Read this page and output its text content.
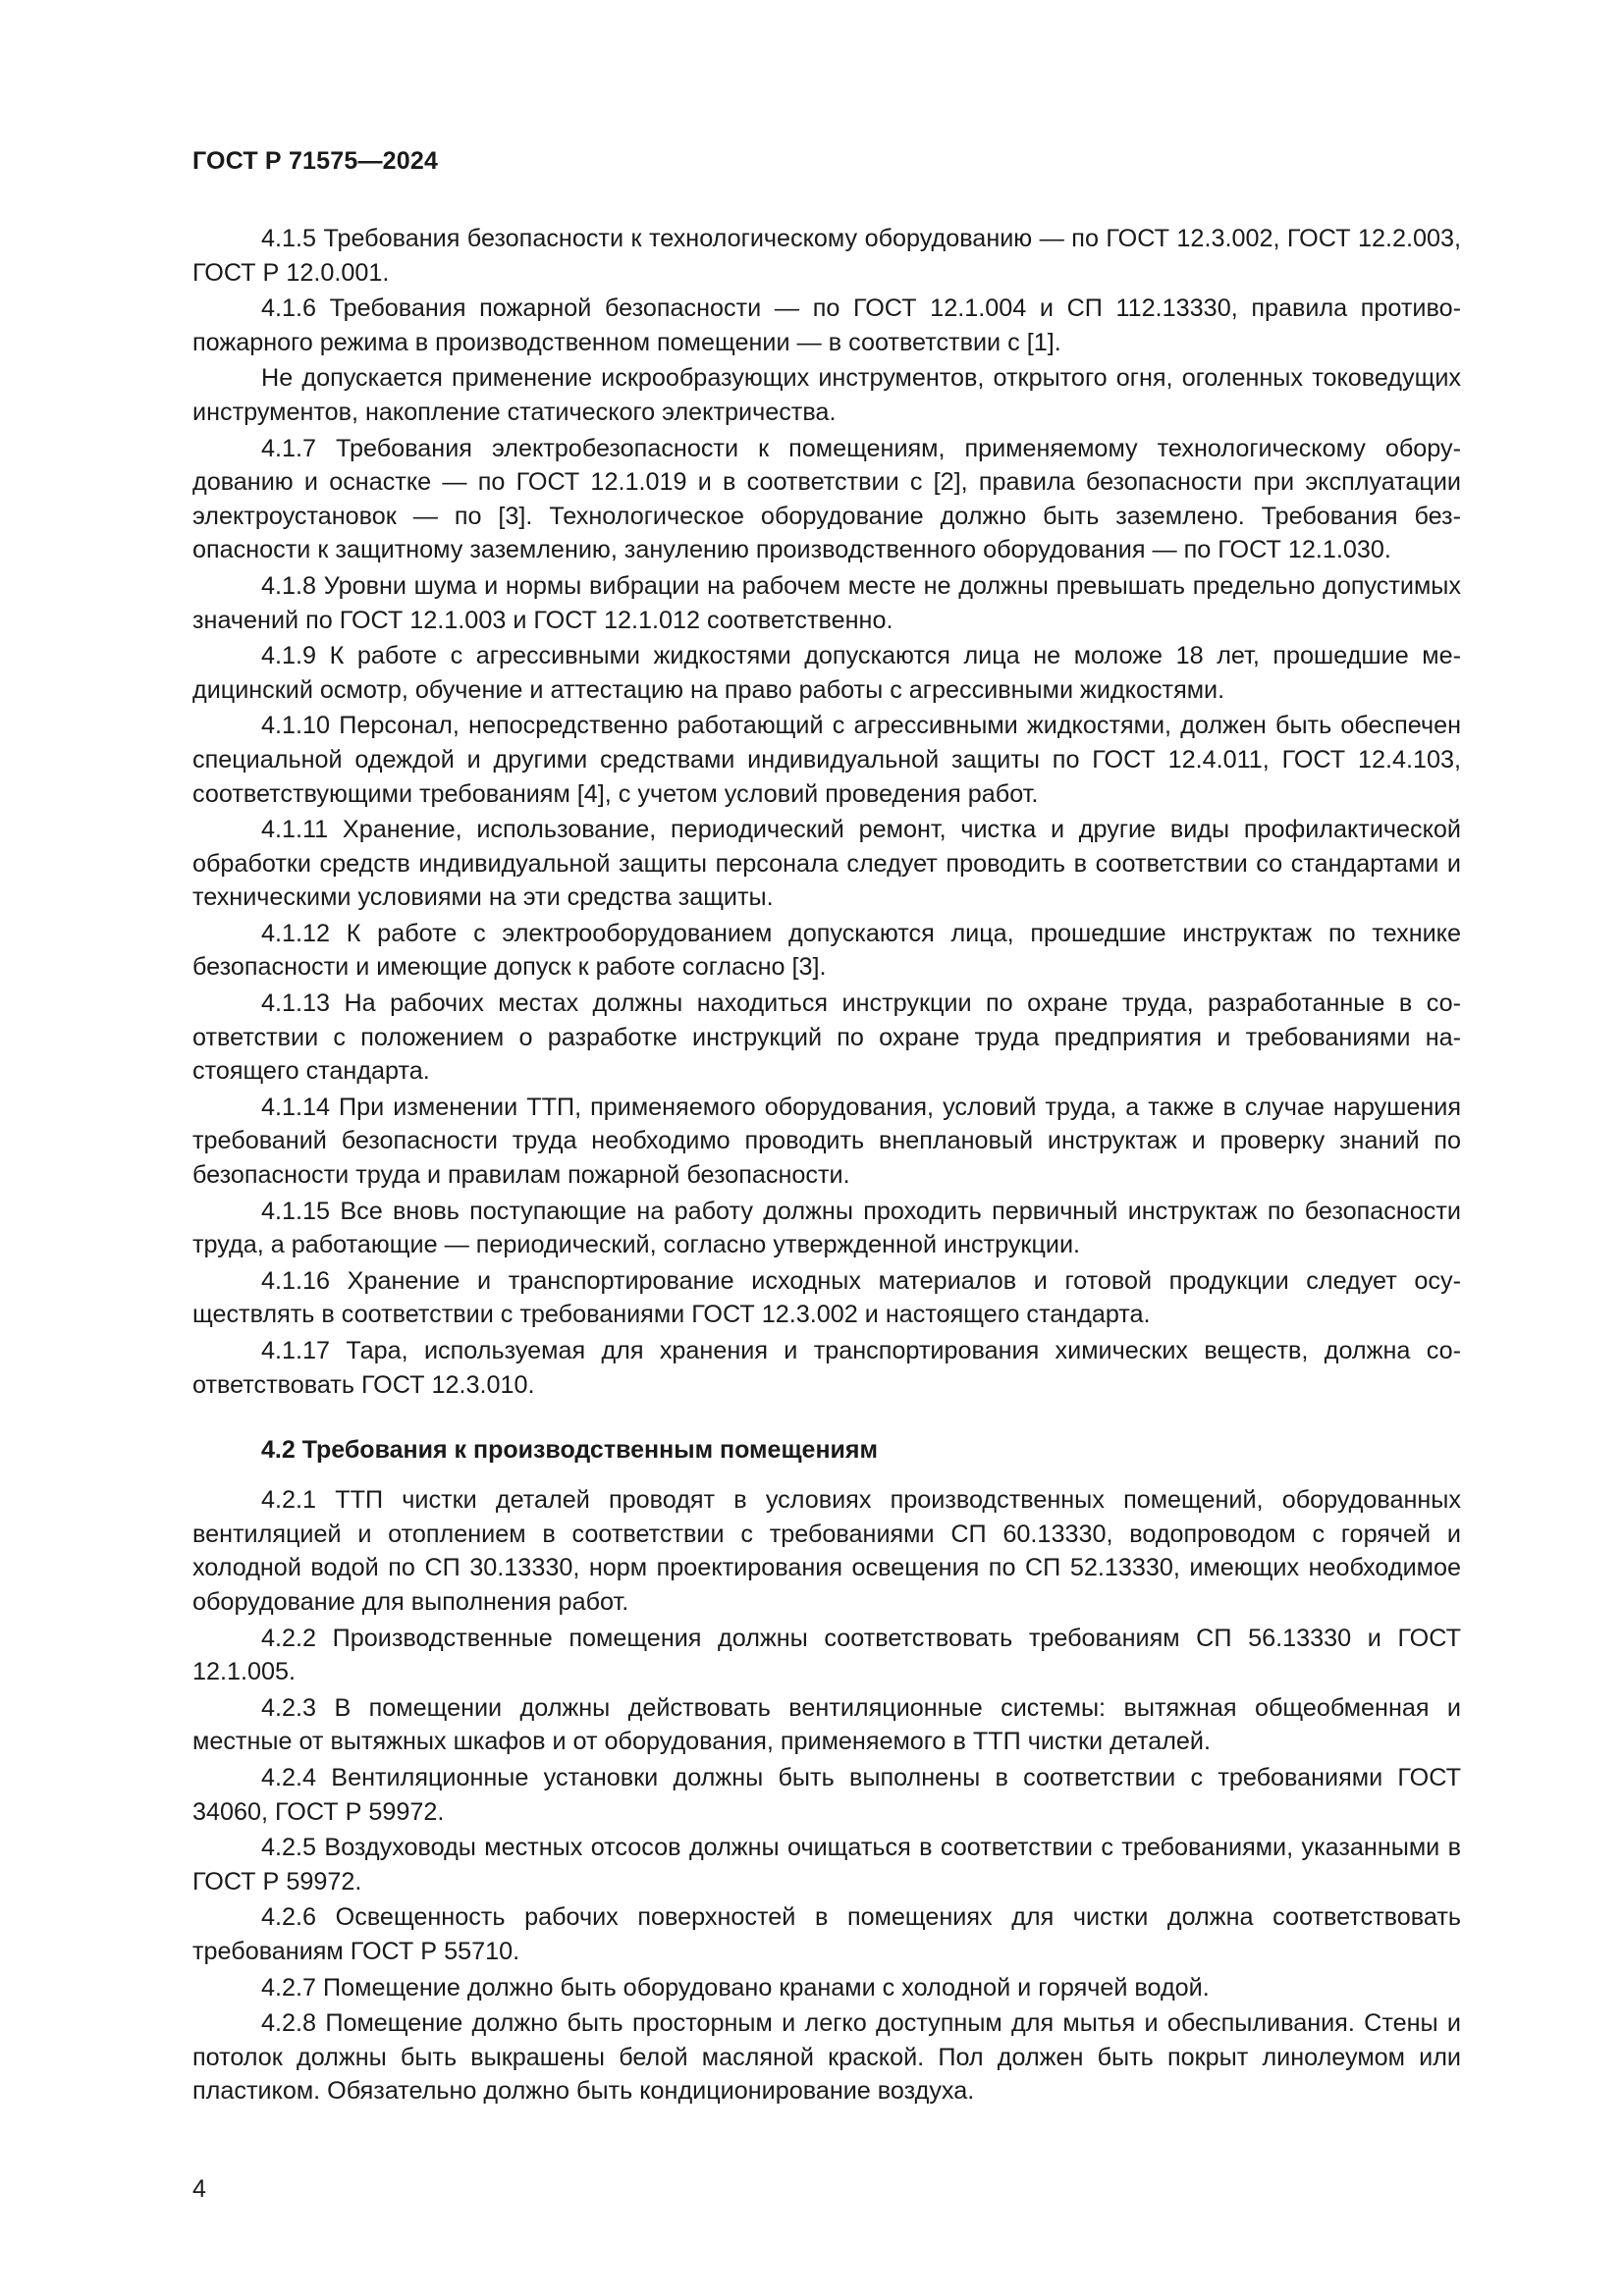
ГОСТ Р 71575—2024

4.1.5 Требования безопасности к технологическому оборудованию — по ГОСТ 12.3.002, ГОСТ 12.2.003, ГОСТ Р 12.0.001.

4.1.6 Требования пожарной безопасности — по ГОСТ 12.1.004 и СП 112.13330, правила противопожарного режима в производственном помещении — в соответствии с [1].

Не допускается применение искрообразующих инструментов, открытого огня, оголенных токоведущих инструментов, накопление статического электричества.

4.1.7 Требования электробезопасности к помещениям, применяемому технологическому оборудованию и оснастке — по ГОСТ 12.1.019 и в соответствии с [2], правила безопасности при эксплуатации электроустановок — по [3]. Технологическое оборудование должно быть заземлено. Требования безопасности к защитному заземлению, занулению производственного оборудования — по ГОСТ 12.1.030.

4.1.8 Уровни шума и нормы вибрации на рабочем месте не должны превышать предельно допустимых значений по ГОСТ 12.1.003 и ГОСТ 12.1.012 соответственно.

4.1.9 К работе с агрессивными жидкостями допускаются лица не моложе 18 лет, прошедшие медицинский осмотр, обучение и аттестацию на право работы с агрессивными жидкостями.

4.1.10 Персонал, непосредственно работающий с агрессивными жидкостями, должен быть обеспечен специальной одеждой и другими средствами индивидуальной защиты по ГОСТ 12.4.011, ГОСТ 12.4.103, соответствующими требованиям [4], с учетом условий проведения работ.

4.1.11 Хранение, использование, периодический ремонт, чистка и другие виды профилактической обработки средств индивидуальной защиты персонала следует проводить в соответствии со стандартами и техническими условиями на эти средства защиты.

4.1.12 К работе с электрооборудованием допускаются лица, прошедшие инструктаж по технике безопасности и имеющие допуск к работе согласно [3].

4.1.13 На рабочих местах должны находиться инструкции по охране труда, разработанные в соответствии с положением о разработке инструкций по охране труда предприятия и требованиями настоящего стандарта.

4.1.14 При изменении ТТП, применяемого оборудования, условий труда, а также в случае нарушения требований безопасности труда необходимо проводить внеплановый инструктаж и проверку знаний по безопасности труда и правилам пожарной безопасности.

4.1.15 Все вновь поступающие на работу должны проходить первичный инструктаж по безопасности труда, а работающие — периодический, согласно утвержденной инструкции.

4.1.16 Хранение и транспортирование исходных материалов и готовой продукции следует осуществлять в соответствии с требованиями ГОСТ 12.3.002 и настоящего стандарта.

4.1.17 Тара, используемая для хранения и транспортирования химических веществ, должна соответствовать ГОСТ 12.3.010.

4.2 Требования к производственным помещениям

4.2.1 ТТП чистки деталей проводят в условиях производственных помещений, оборудованных вентиляцией и отоплением в соответствии с требованиями СП 60.13330, водопроводом с горячей и холодной водой по СП 30.13330, норм проектирования освещения по СП 52.13330, имеющих необходимое оборудование для выполнения работ.

4.2.2 Производственные помещения должны соответствовать требованиям СП 56.13330 и ГОСТ 12.1.005.

4.2.3 В помещении должны действовать вентиляционные системы: вытяжная общеобменная и местные от вытяжных шкафов и от оборудования, применяемого в ТТП чистки деталей.

4.2.4 Вентиляционные установки должны быть выполнены в соответствии с требованиями ГОСТ 34060, ГОСТ Р 59972.

4.2.5 Воздуховоды местных отсосов должны очищаться в соответствии с требованиями, указанными в ГОСТ Р 59972.

4.2.6 Освещенность рабочих поверхностей в помещениях для чистки должна соответствовать требованиям ГОСТ Р 55710.

4.2.7 Помещение должно быть оборудовано кранами с холодной и горячей водой.

4.2.8 Помещение должно быть просторным и легко доступным для мытья и обеспыливания. Стены и потолок должны быть выкрашены белой масляной краской. Пол должен быть покрыт линолеумом или пластиком. Обязательно должно быть кондиционирование воздуха.

4
